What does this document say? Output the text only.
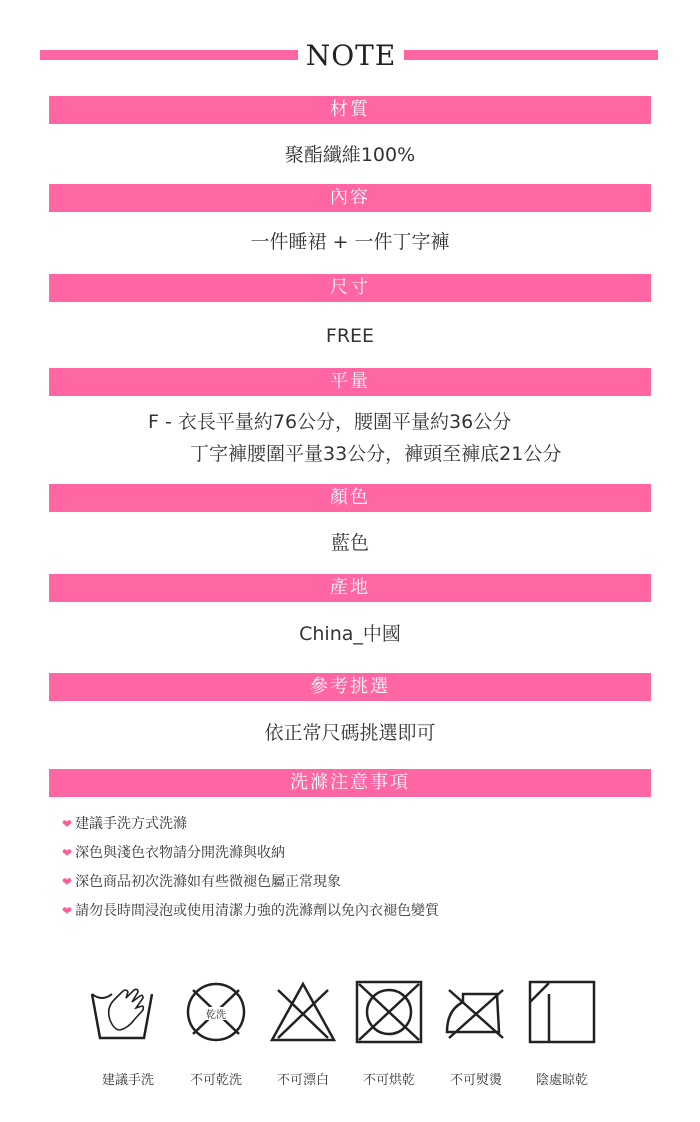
NOTE
材質
聚酯纖維100%
內容
一件睡裙 + 一件丁字褲
尺寸
FREE
平量
F - 衣長平量約76公分，腰圍平量約36公分
丁字褲腰圍平量33公分，褲頭至褲底21公分
顏色
藍色
產地
China_中國
參考挑選
依正常尺碼挑選即可
洗滌注意事項
❤ 建議手洗方式洗滌
❤ 深色與淺色衣物請分開洗滌與收納
❤ 深色商品初次洗滌如有些微褪色屬正常現象
❤ 請勿長時間浸泡或使用清潔力強的洗滌劑以免內衣褪色變質
建議手洗
乾洗
不可乾洗	不可漂白	不可烘乾	不可熨燙	陰處晾乾
